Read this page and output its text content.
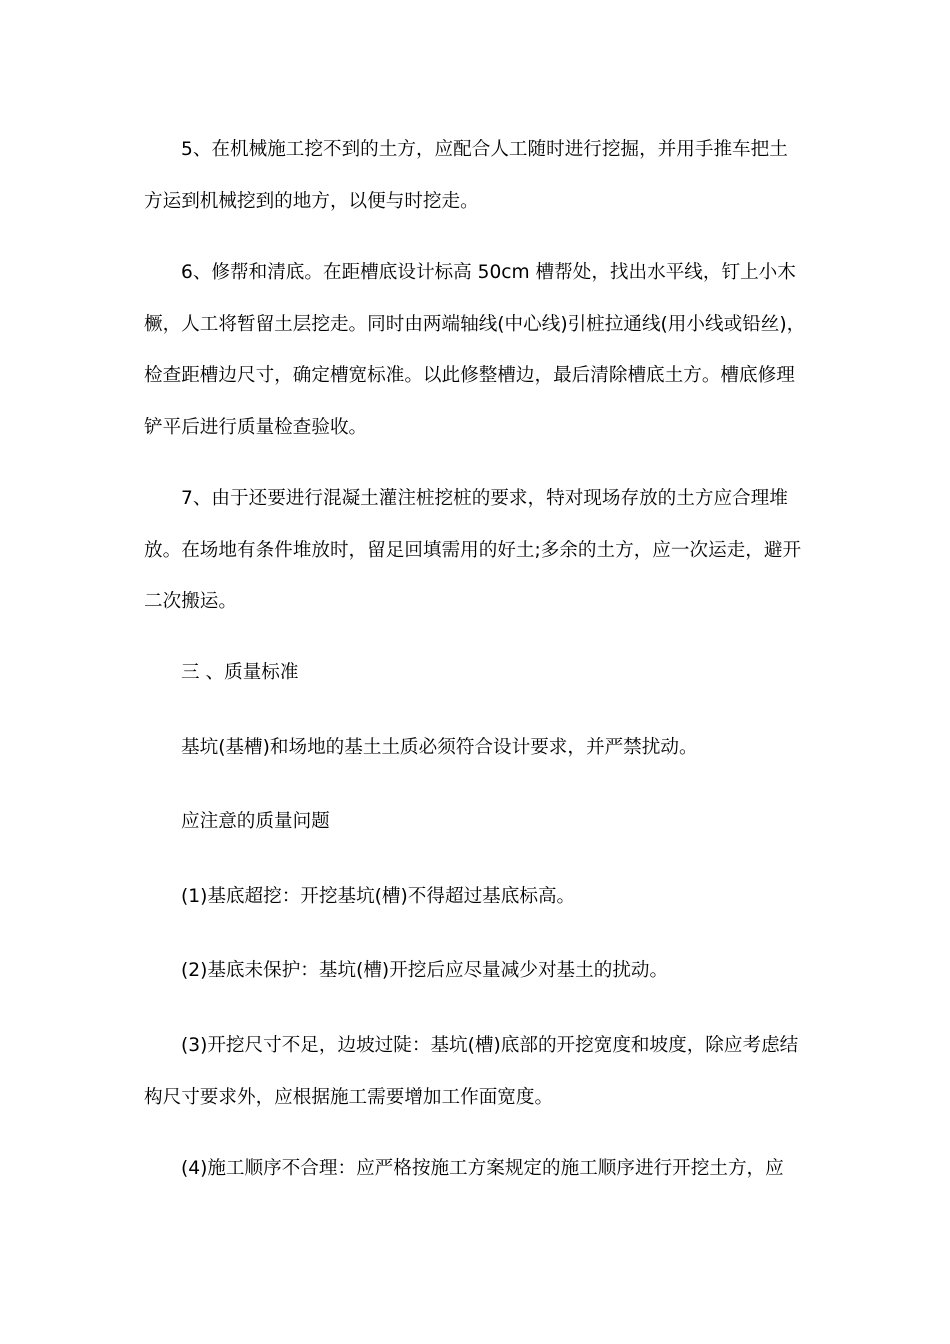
5、在机械施工挖不到的土方，应配合人工随时进行挖掘，并用手推车把土方运到机械挖到的地方，以便与时挖走。

6、修帮和清底。在距槽底设计标高 50cm 槽帮处，找出水平线，钉上小木橛，人工将暂留土层挖走。同时由两端轴线(中心线)引桩拉通线(用小线或铅丝)，检查距槽边尺寸，确定槽宽标准。以此修整槽边，最后清除槽底土方。槽底修理铲平后进行质量检查验收。

7、由于还要进行混凝土灌注桩挖桩的要求，特对现场存放的土方应合理堆放。在场地有条件堆放时，留足回填需用的好土;多余的土方，应一次运走，避开二次搬运。

三 、质量标准

基坑(基槽)和场地的基土土质必须符合设计要求，并严禁扰动。

应注意的质量问题

(1)基底超挖：开挖基坑(槽)不得超过基底标高。

(2)基底未保护：基坑(槽)开挖后应尽量减少对基土的扰动。

(3)开挖尺寸不足，边坡过陡：基坑(槽)底部的开挖宽度和坡度，除应考虑结构尺寸要求外，应根据施工需要增加工作面宽度。

(4)施工顺序不合理：应严格按施工方案规定的施工顺序进行开挖土方，应
